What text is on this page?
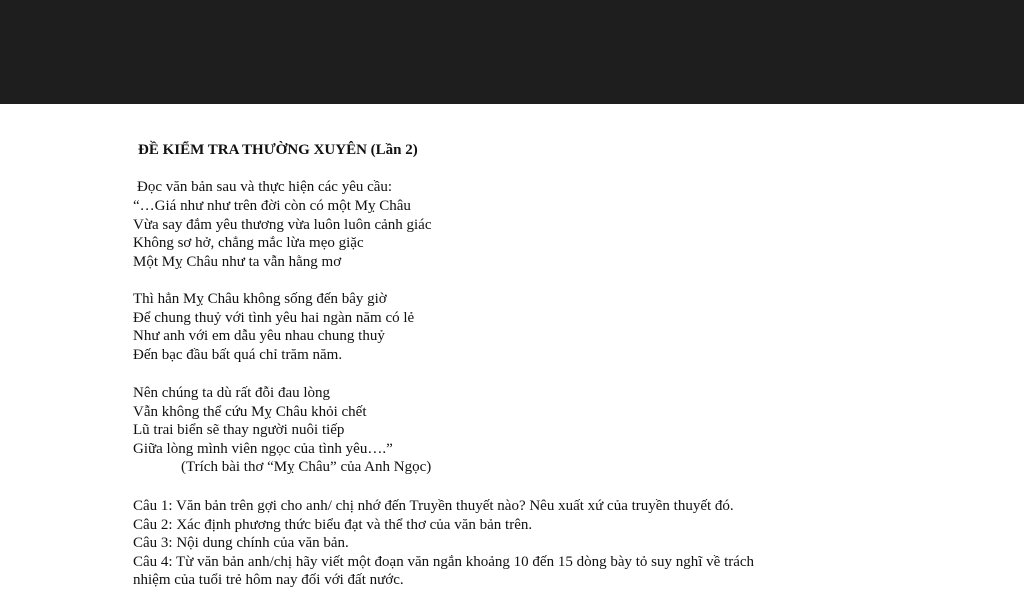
ĐỀ KIỂM TRA THƯỜNG XUYÊN (Lần 2)
Đọc văn bản sau và thực hiện các yêu cầu:
“…Giá như như trên đời còn có một Mỵ Châu
Vừa say đắm yêu thương vừa luôn luôn cảnh giác
Không sơ hở, chẳng mắc lừa mẹo giặc
Một Mỵ Châu như ta vẫn hằng mơ
Thì hẳn Mỵ Châu không sống đến bây giờ
Để chung thuỷ với tình yêu hai ngàn năm có lẻ
Như anh với em dẫu yêu nhau chung thuỷ
Đến bạc đầu bất quá chỉ trăm năm.
Nên chúng ta dù rất đỗi đau lòng
Vẫn không thể cứu Mỵ Châu khỏi chết
Lũ trai biển sẽ thay người nuôi tiếp
Giữa lòng mình viên ngọc của tình yêu….”
(Trích bài thơ “Mỵ Châu” của Anh Ngọc)
Câu 1: Văn bản trên gợi cho anh/ chị nhớ đến Truyền thuyết nào? Nêu xuất xứ của truyền thuyết đó.
Câu 2: Xác định phương thức biểu đạt và thể thơ của văn bản trên.
Câu 3: Nội dung chính của văn bản.
Câu 4: Từ văn bản anh/chị hãy viết một đoạn văn ngắn khoảng 10 đến 15 dòng bày tỏ suy nghĩ về trách
nhiệm của tuổi trẻ hôm nay đối với đất nước.
